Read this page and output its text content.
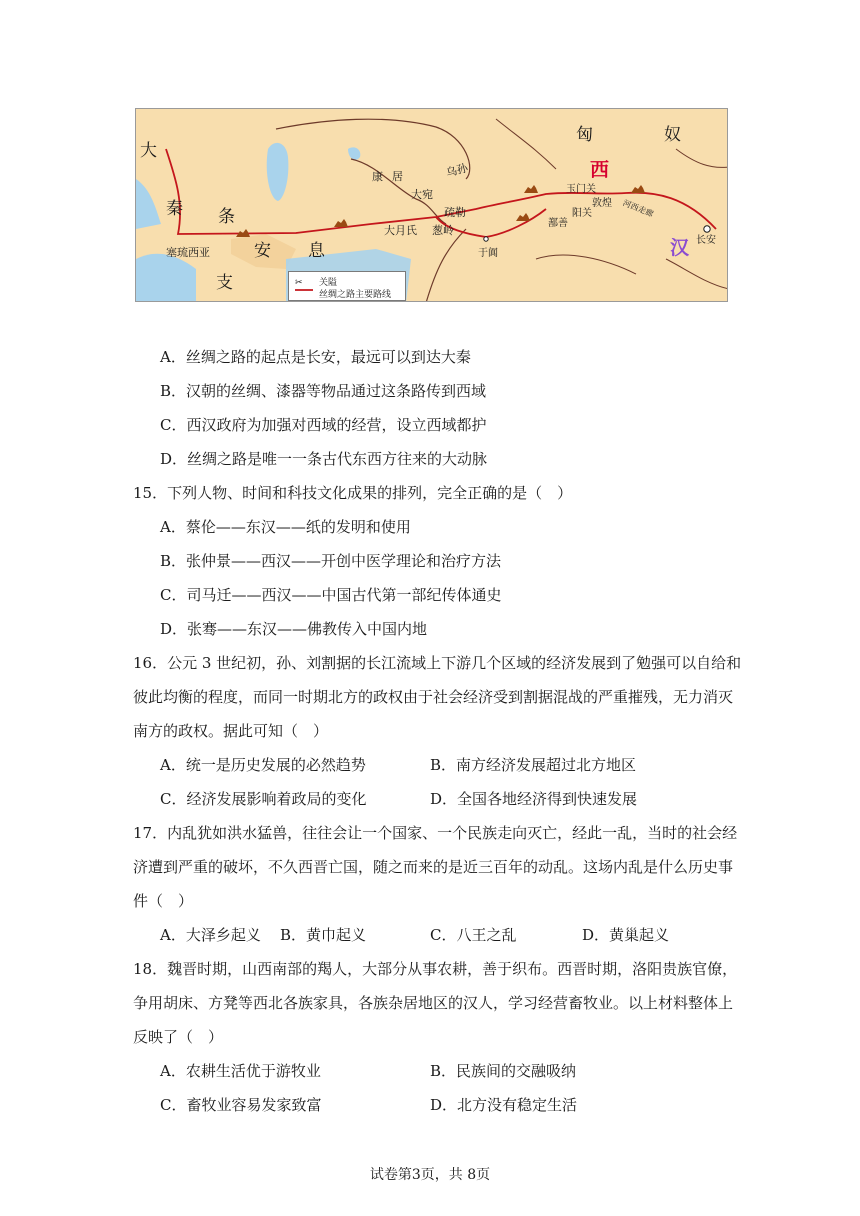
大
秦 条
支
塞琉西亚	安 息
康 居
大宛
乌孙
大月氏
疏勒
葱岭
于阗
鄯善
玉门关
阳关
敦煌 河西走廊
匈	奴
西
汉 长安
✂ 关隘
丝绸之路主要路线
A．丝绸之路的起点是长安，最远可以到达大秦
B．汉朝的丝绸、漆器等物品通过这条路传到西域
C．西汉政府为加强对西域的经营，设立西域都护
D．丝绸之路是唯一一条古代东西方往来的大动脉
15．下列人物、时间和科技文化成果的排列，完全正确的是（　）
A．蔡伦——东汉——纸的发明和使用
B．张仲景——西汉——开创中医学理论和治疗方法
C．司马迁——西汉——中国古代第一部纪传体通史
D．张骞——东汉——佛教传入中国内地
16．公元 3 世纪初，孙、刘割据的长江流域上下游几个区域的经济发展到了勉强可以自给和
彼此均衡的程度，而同一时期北方的政权由于社会经济受到割据混战的严重摧残，无力消灭
南方的政权。据此可知（　）
A．统一是历史发展的必然趋势	B．南方经济发展超过北方地区
C．经济发展影响着政局的变化	D．全国各地经济得到快速发展
17．内乱犹如洪水猛兽，往往会让一个国家、一个民族走向灭亡，经此一乱，当时的社会经
济遭到严重的破坏，不久西晋亡国，随之而来的是近三百年的动乱。这场内乱是什么历史事
件（　）
A．大泽乡起义 B．黄巾起义	C．八王之乱	D．黄巢起义
18．魏晋时期，山西南部的羯人，大部分从事农耕，善于织布。西晋时期，洛阳贵族官僚，
争用胡床、方凳等西北各族家具，各族杂居地区的汉人，学习经营畜牧业。以上材料整体上
反映了（　）
A．农耕生活优于游牧业	B．民族间的交融吸纳
C．畜牧业容易发家致富	D．北方没有稳定生活
试卷第3页，共 8页
